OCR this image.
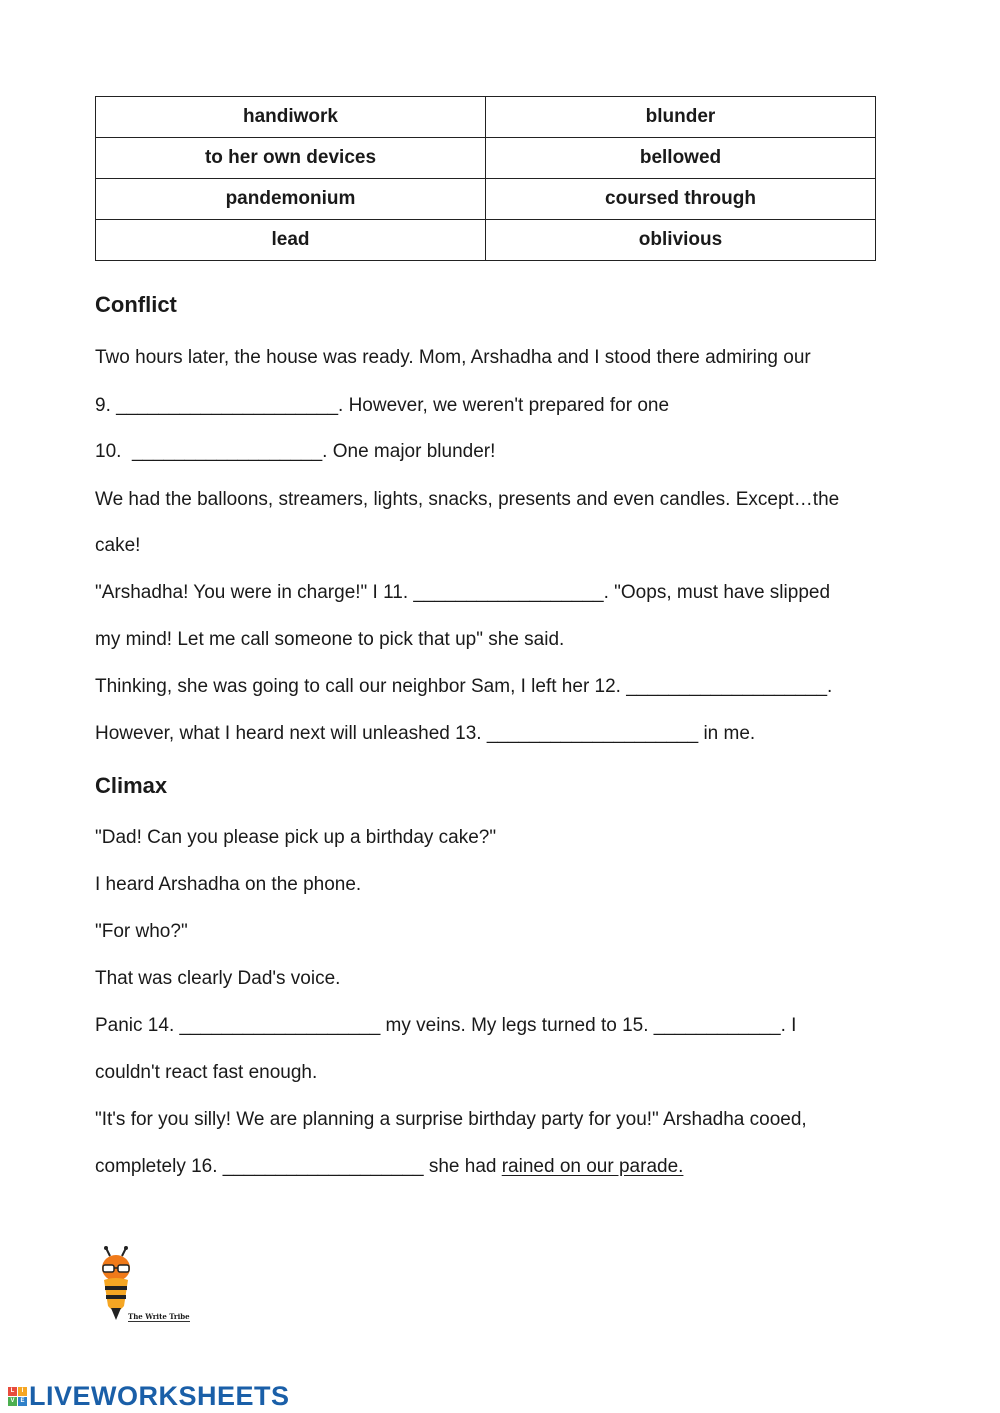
handiwork	blunder
to her own devices	bellowed
pandemonium	coursed through
lead	oblivious
Conflict

Two hours later, the house was ready. Mom, Arshadha and I stood there admiring our

9. _____________________. However, we weren't prepared for one

10.  __________________. One major blunder!

We had the balloons, streamers, lights, snacks, presents and even candles. Except…the

cake!

"Arshadha! You were in charge!" I 11. __________________. "Oops, must have slipped

my mind! Let me call someone to pick that up" she said.

Thinking, she was going to call our neighbor Sam, I left her 12. ___________________.

However, what I heard next will unleashed 13. ____________________ in me.

Climax

"Dad! Can you please pick up a birthday cake?"

I heard Arshadha on the phone.

"For who?"

That was clearly Dad's voice.

Panic 14. ___________________ my veins. My legs turned to 15. ____________. I

couldn't react fast enough.

"It's for you silly! We are planning a surprise birthday party for you!" Arshadha cooed,

completely 16. ___________________ she had rained on our parade.

The Write Tribe
L	I
V E LIVEWORKSHEETS
